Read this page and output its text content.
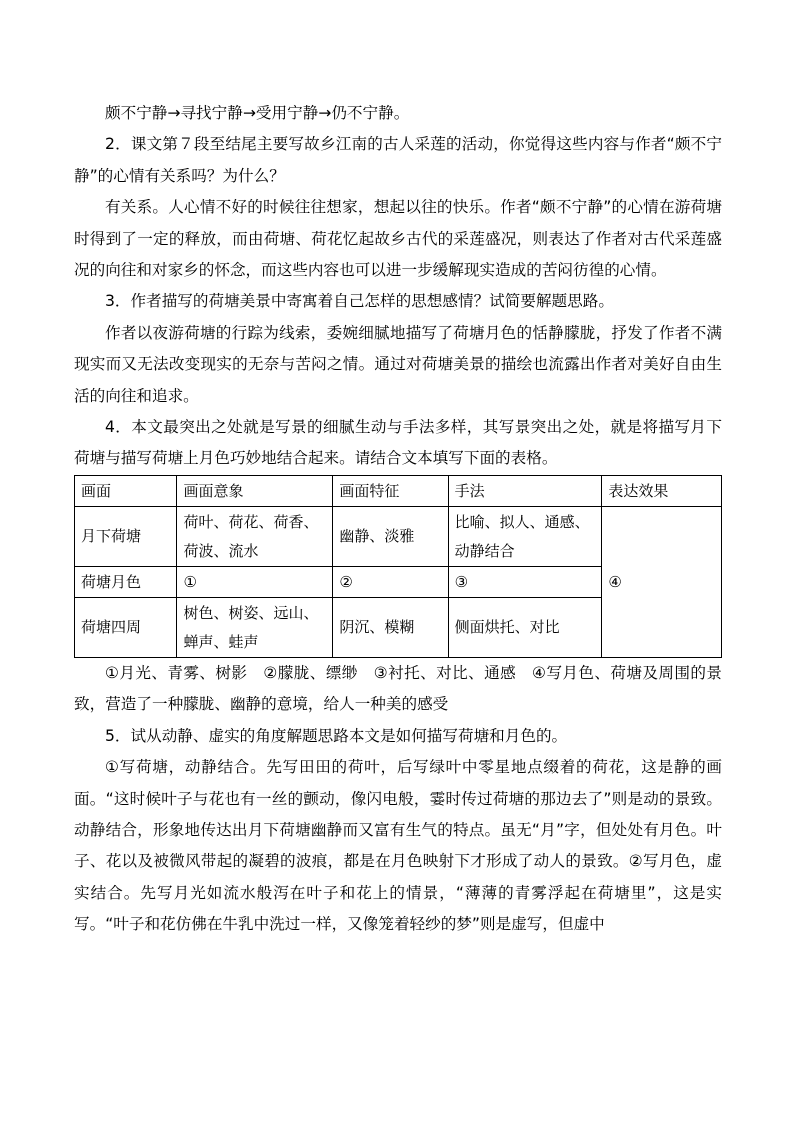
颇不宁静→寻找宁静→受用宁静→仍不宁静。

2．课文第７段至结尾主要写故乡江南的古人采莲的活动，你觉得这些内容与作者“颇不宁静”的心情有关系吗？为什么？

有关系。人心情不好的时候往往想家，想起以往的快乐。作者“颇不宁静”的心情在游荷塘时得到了一定的释放，而由荷塘、荷花忆起故乡古代的采莲盛况，则表达了作者对古代采莲盛况的向往和对家乡的怀念，而这些内容也可以进一步缓解现实造成的苦闷彷徨的心情。

3．作者描写的荷塘美景中寄寓着自己怎样的思想感情？试简要解题思路。

作者以夜游荷塘的行踪为线索，委婉细腻地描写了荷塘月色的恬静朦胧，抒发了作者不满现实而又无法改变现实的无奈与苦闷之情。通过对荷塘美景的描绘也流露出作者对美好自由生活的向往和追求。

4．本文最突出之处就是写景的细腻生动与手法多样，其写景突出之处，就是将描写月下荷塘与描写荷塘上月色巧妙地结合起来。请结合文本填写下面的表格。

画面	画面意象	画面特征	手法	表达效果
月下荷塘	荷叶、荷花、荷香、荷波、流水	幽静、淡雅	比喻、拟人、通感、动静结合	④
荷塘月色	①	②	③	
荷塘四周	树色、树姿、远山、蝉声、蛙声	阴沉、模糊	侧面烘托、对比	

①月光、青雾、树影　②朦胧、缥缈　③衬托、对比、通感　④写月色、荷塘及周围的景致，营造了一种朦胧、幽静的意境，给人一种美的感受

5．试从动静、虚实的角度解题思路本文是如何描写荷塘和月色的。

①写荷塘，动静结合。先写田田的荷叶，后写绿叶中零星地点缀着的荷花，这是静的画面。“这时候叶子与花也有一丝的颤动，像闪电般，霎时传过荷塘的那边去了”则是动的景致。动静结合，形象地传达出月下荷塘幽静而又富有生气的特点。虽无“月”字，但处处有月色。叶子、花以及被微风带起的凝碧的波痕，都是在月色映射下才形成了动人的景致。②写月色，虚实结合。先写月光如流水般泻在叶子和花上的情景，“薄薄的青雾浮起在荷塘里”，这是实写。“叶子和花仿佛在牛乳中洗过一样，又像笼着轻纱的梦”则是虚写，但虚中
